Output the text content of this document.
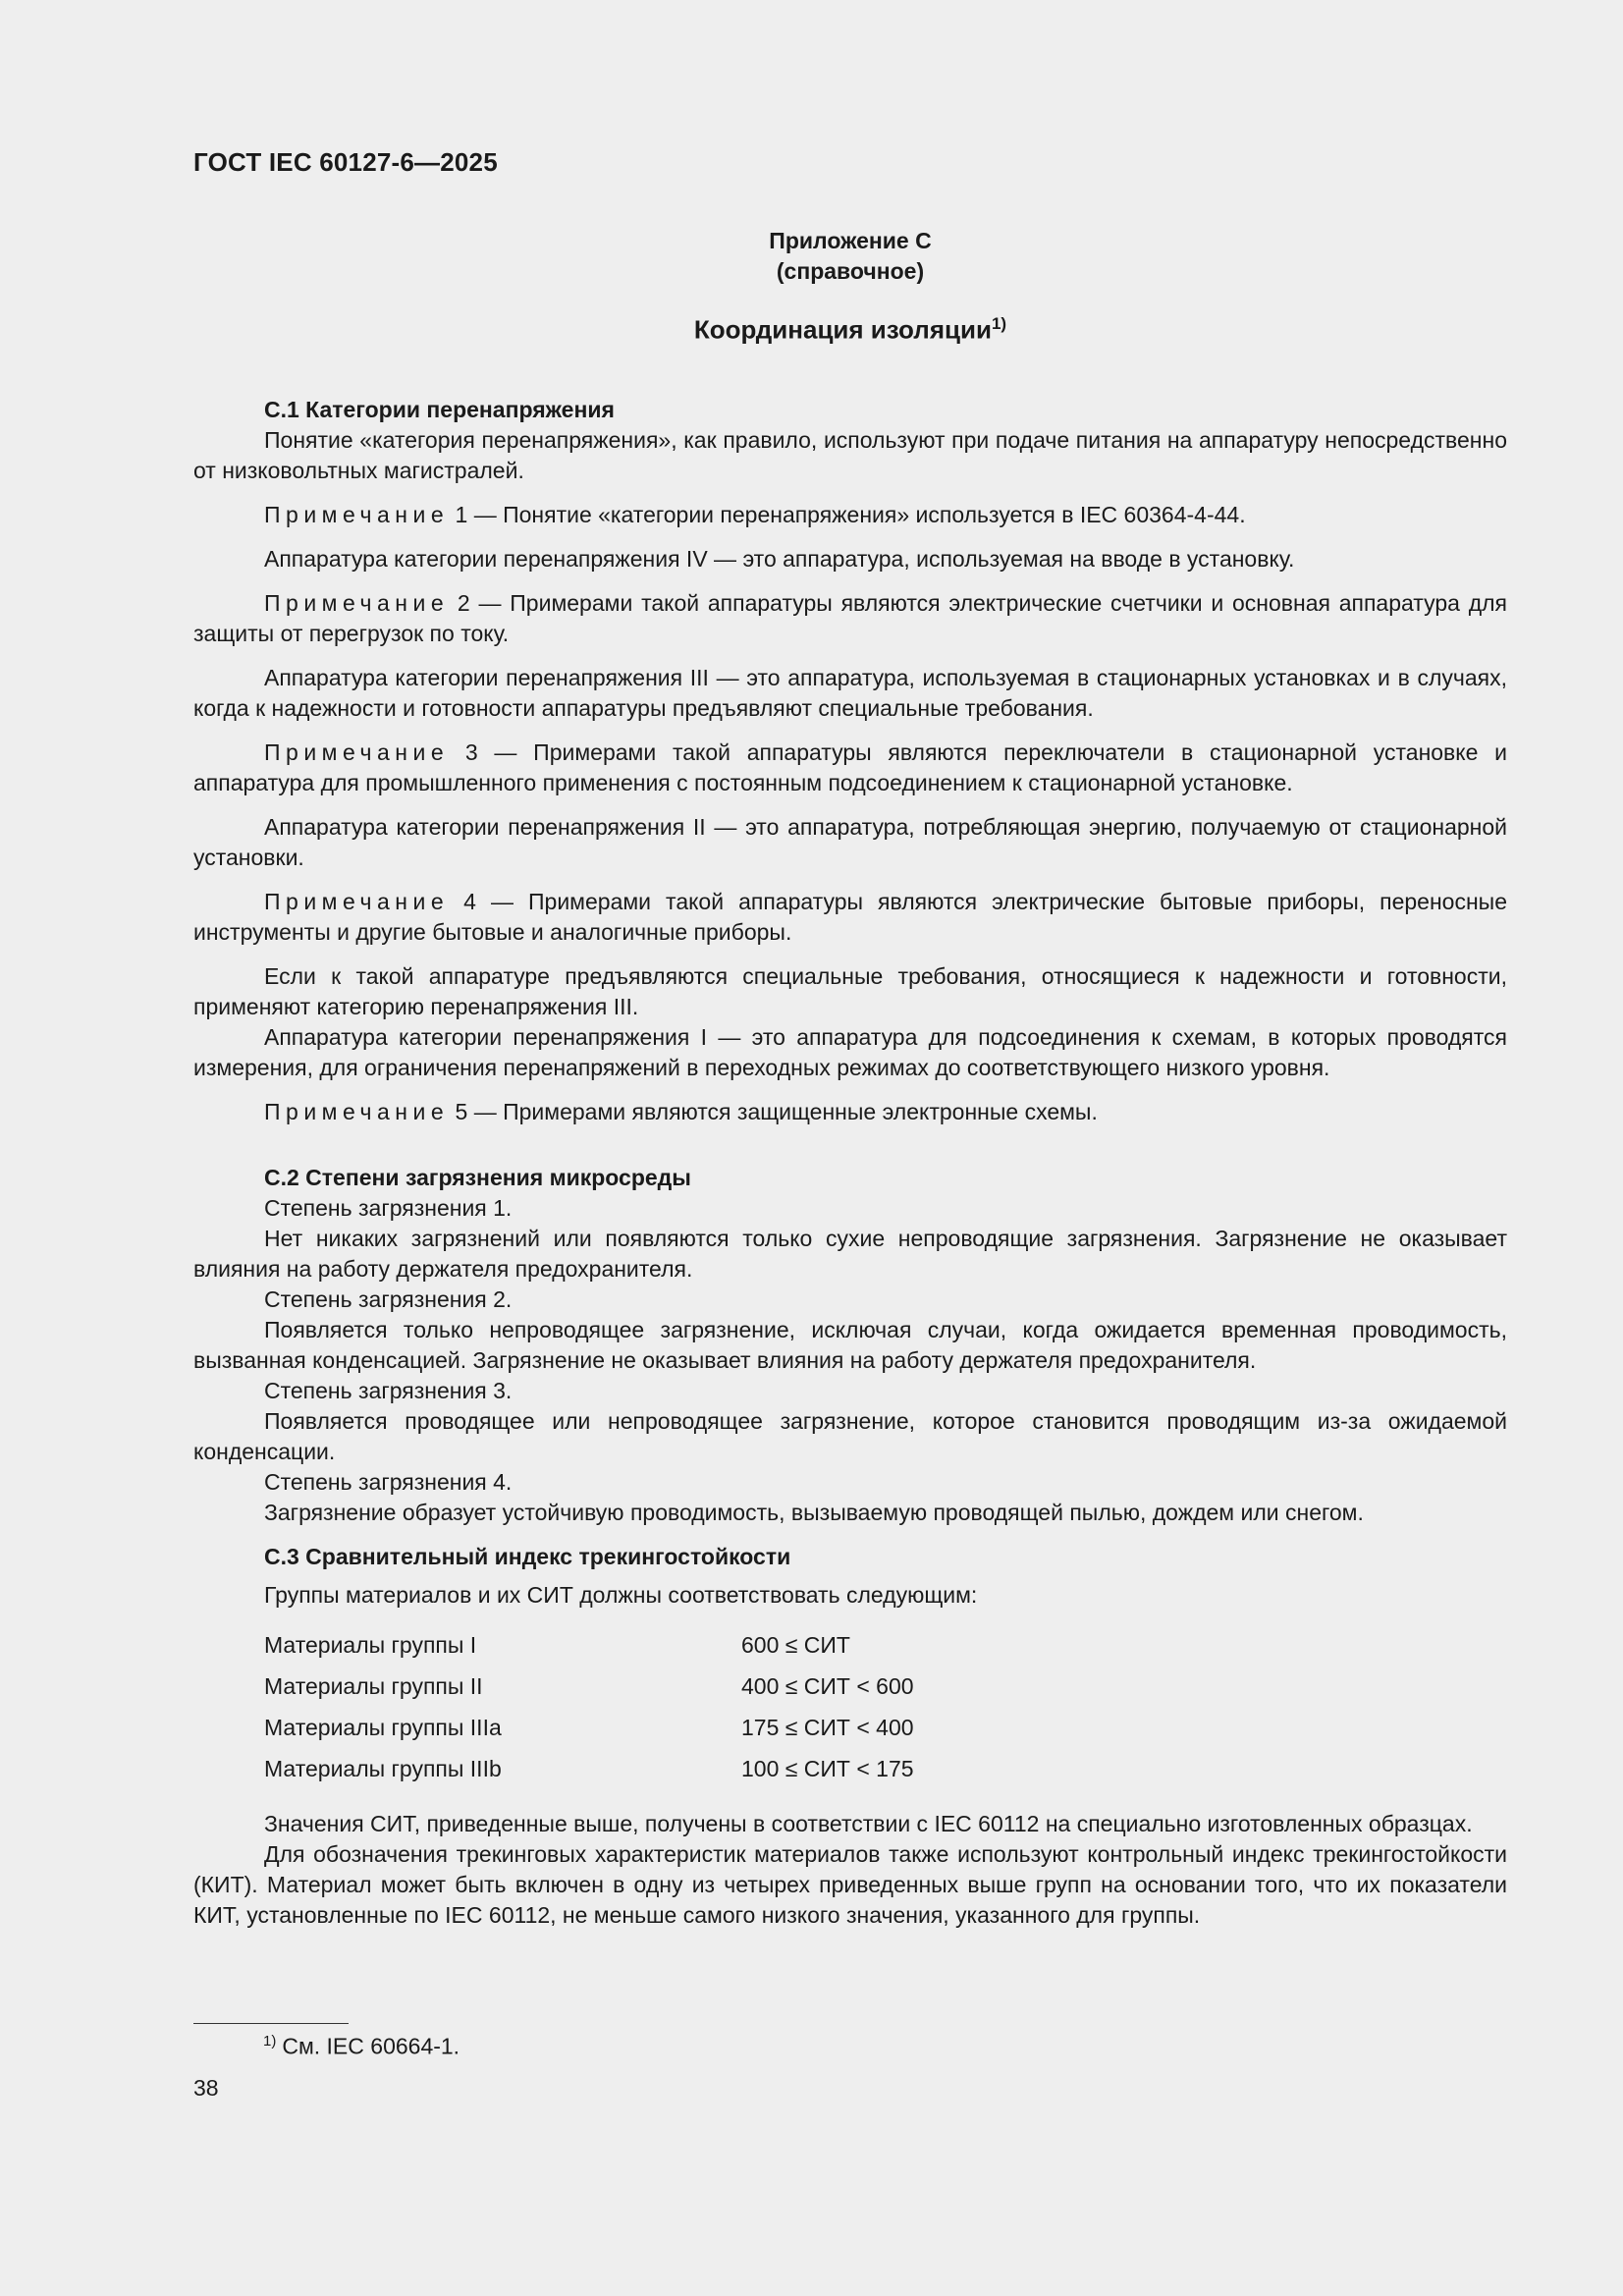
ГОСТ IEC 60127-6—2025
Приложение С
(справочное)
Координация изоляции$^{1)}$
С.1 Категории перенапряжения

Понятие «категория перенапряжения», как правило, используют при подаче питания на аппаратуру непосредственно от низковольтных магистралей.

Примечание 1 — Понятие «категории перенапряжения» используется в IEC 60364-4-44.

Аппаратура категории перенапряжения IV — это аппаратура, используемая на вводе в установку.

Примечание 2 — Примерами такой аппаратуры являются электрические счетчики и основная аппаратура для защиты от перегрузок по току.

Аппаратура категории перенапряжения III — это аппаратура, используемая в стационарных установках и в случаях, когда к надежности и готовности аппаратуры предъявляют специальные требования.

Примечание 3 — Примерами такой аппаратуры являются переключатели в стационарной установке и аппаратура для промышленного применения с постоянным подсоединением к стационарной установке.

Аппаратура категории перенапряжения II — это аппаратура, потребляющая энергию, получаемую от стационарной установки.

Примечание 4 — Примерами такой аппаратуры являются электрические бытовые приборы, переносные инструменты и другие бытовые и аналогичные приборы.

Если к такой аппаратуре предъявляются специальные требования, относящиеся к надежности и готовности, применяют категорию перенапряжения III.

Аппаратура категории перенапряжения I — это аппаратура для подсоединения к схемам, в которых проводятся измерения, для ограничения перенапряжений в переходных режимах до соответствующего низкого уровня.

Примечание 5 — Примерами являются защищенные электронные схемы.

С.2 Степени загрязнения микросреды

Степень загрязнения 1.

Нет никаких загрязнений или появляются только сухие непроводящие загрязнения. Загрязнение не оказывает влияния на работу держателя предохранителя.

Степень загрязнения 2.

Появляется только непроводящее загрязнение, исключая случаи, когда ожидается временная проводимость, вызванная конденсацией. Загрязнение не оказывает влияния на работу держателя предохранителя.

Степень загрязнения 3.

Появляется проводящее или непроводящее загрязнение, которое становится проводящим из-за ожидаемой конденсации.

Степень загрязнения 4.

Загрязнение образует устойчивую проводимость, вызываемую проводящей пылью, дождем или снегом.

С.3 Сравнительный индекс трекингостойкости

Группы материалов и их СИТ должны соответствовать следующим:

Материалы группы I	600 ≤ СИТ
Материалы группы II	400 ≤ СИТ < 600
Материалы группы IIIa	175 ≤ СИТ < 400
Материалы группы IIIb	100 ≤ СИТ < 175

Значения СИТ, приведенные выше, получены в соответствии с IEC 60112 на специально изготовленных образцах.

Для обозначения трекинговых характеристик материалов также используют контрольный индекс трекингостойкости (КИТ). Материал может быть включен в одну из четырех приведенных выше групп на основании того, что их показатели КИТ, установленные по IEC 60112, не меньше самого низкого значения, указанного для группы.

$^{1)}$ См. IEC 60664-1.
38
